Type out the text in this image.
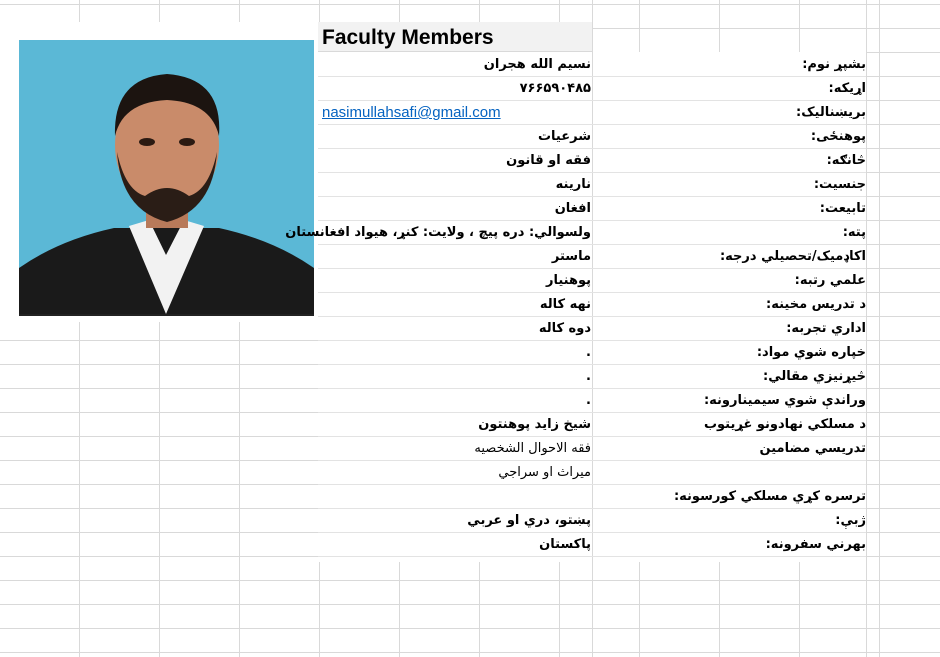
Faculty Members
nasimullahsafi@gmail.com
بشپړ نوم:
نسیم الله هجران
اړیکه:
۷۶۶۵۹۰۴۸۵
بریښنالیک:
پوهنځی:
شرعیات
څانګه:
فقه او قانون
جنسیت:
نارینه
تابیعت:
افغان
پته:
ولسوالي: دره پیچ ، ولایت: کنړ، هیواد افغانستان
اکاډمیک/تحصیلي درجه:
ماستر
علمي رتبه:
پوهنیار
د تدریس مخینه:
نهه کاله
اداري تجربه:
دوه کاله
خپاره شوي مواد:
.
څیړنیزي مقالي:
.
وراندې شوي سیمینارونه:
.
د مسلکي نهادونو غړیتوب
شیخ زاید پوهنتون
تدریسي مضامین
فقه الاحوال الشخصیه
میراث او سراجي
ترسره کړي مسلکي کورسونه:
ژبې:
پښتو، دري او عربي
بهرني سفرونه:
پاکستان
